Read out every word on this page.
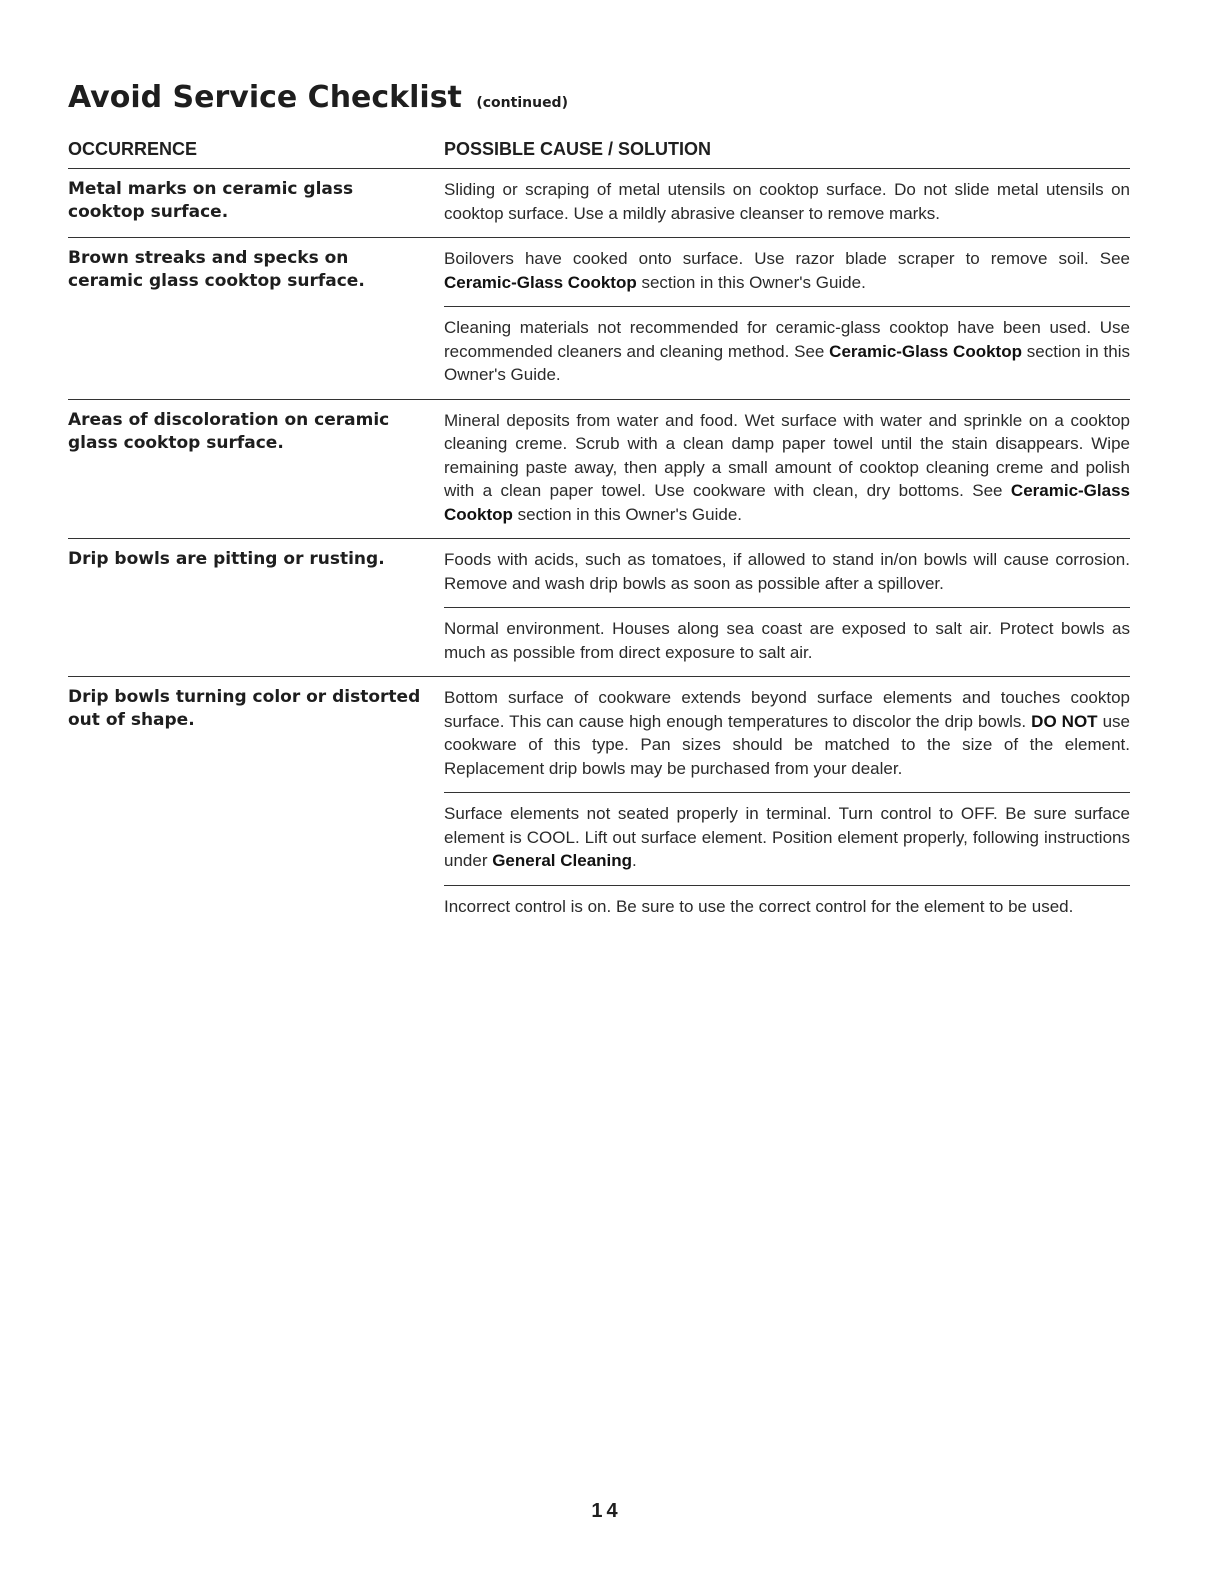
Avoid Service Checklist (continued)
OCCURRENCE	POSSIBLE CAUSE / SOLUTION
Metal marks on ceramic glass cooktop surface.
Sliding or scraping of metal utensils on cooktop surface. Do not slide metal utensils on cooktop surface. Use a mildly abrasive cleanser to remove marks.
Brown streaks and specks on ceramic glass cooktop surface.
Boilovers have cooked onto surface. Use razor blade scraper to remove soil. See Ceramic-Glass Cooktop section in this Owner's Guide.
Cleaning materials not recommended for ceramic-glass cooktop have been used. Use recommended cleaners and cleaning method. See Ceramic-Glass Cooktop section in this Owner's Guide.
Areas of discoloration on ceramic glass cooktop surface.
Mineral deposits from water and food. Wet surface with water and sprinkle on a cooktop cleaning creme. Scrub with a clean damp paper towel until the stain disappears. Wipe remaining paste away, then apply a small amount of cooktop cleaning creme and polish with a clean paper towel. Use cookware with clean, dry bottoms. See Ceramic-Glass Cooktop section in this Owner's Guide.
Drip bowls are pitting or rusting.	Foods with acids, such as tomatoes, if allowed to stand in/on bowls will cause corrosion. Remove and wash drip bowls as soon as possible after a spillover.
Normal environment. Houses along sea coast are exposed to salt air. Protect bowls as much as possible from direct exposure to salt air.
Drip bowls turning color or distorted out of shape.
Bottom surface of cookware extends beyond surface elements and touches cooktop surface. This can cause high enough temperatures to discolor the drip bowls. DO NOT use cookware of this type. Pan sizes should be matched to the size of the element. Replacement drip bowls may be purchased from your dealer.
Surface elements not seated properly in terminal. Turn control to OFF. Be sure surface element is COOL. Lift out surface element. Position element properly, following instructions under General Cleaning.
Incorrect control is on. Be sure to use the correct control for the element to be used.
14
